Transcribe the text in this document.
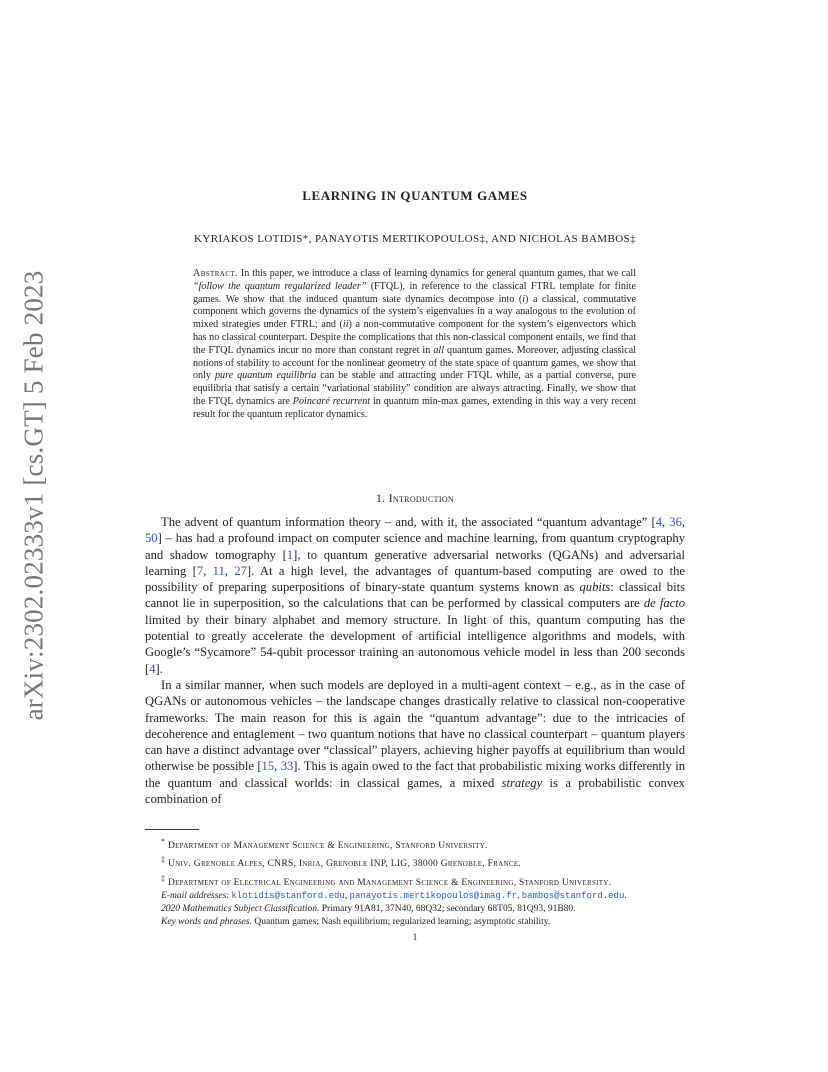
arXiv:2302.02333v1 [cs.GT] 5 Feb 2023
LEARNING IN QUANTUM GAMES
KYRIAKOS LOTIDIS*, PANAYOTIS MERTIKOPOULOS‡, AND NICHOLAS BAMBOS‡
Abstract. In this paper, we introduce a class of learning dynamics for general quantum games, that we call “follow the quantum regularized leader” (FTQL), in reference to the classical FTRL template for finite games. We show that the induced quantum state dynamics decompose into (i) a classical, commutative component which governs the dynamics of the system’s eigenvalues in a way analogous to the evolution of mixed strategies under FTRL; and (ii) a non-commutative component for the system’s eigenvectors which has no classical counterpart. Despite the complications that this non-classical component entails, we find that the FTQL dynamics incur no more than constant regret in all quantum games. Moreover, adjusting classical notions of stability to account for the nonlinear geometry of the state space of quantum games, we show that only pure quantum equilibria can be stable and attracting under FTQL while, as a partial converse, pure equilibria that satisfy a certain “variational stability” condition are always attracting. Finally, we show that the FTQL dynamics are Poincaré recurrent in quantum min-max games, extending in this way a very recent result for the quantum replicator dynamics.
1. Introduction

The advent of quantum information theory – and, with it, the associated “quantum advantage” [4, 36, 50] – has had a profound impact on computer science and machine learning, from quantum cryptography and shadow tomography [1], to quantum generative adversarial networks (QGANs) and adversarial learning [7, 11, 27]. At a high level, the advantages of quantum-based computing are owed to the possibility of preparing superpositions of binary-state quantum systems known as qubits: classical bits cannot lie in superposition, so the calculations that can be performed by classical computers are de facto limited by their binary alphabet and memory structure. In light of this, quantum computing has the potential to greatly accelerate the development of artificial intelligence algorithms and models, with Google’s “Sycamore” 54-qubit processor training an autonomous vehicle model in less than 200 seconds [4].

In a similar manner, when such models are deployed in a multi-agent context – e.g., as in the case of QGANs or autonomous vehicles – the landscape changes drastically relative to classical non-cooperative frameworks. The main reason for this is again the “quantum advantage”: due to the intricacies of decoherence and entaglement – two quantum notions that have no classical counterpart – quantum players can have a distinct advantage over “classical” players, achieving higher payoffs at equilibrium than would otherwise be possible [15, 33]. This is again owed to the fact that probabilistic mixing works differently in the quantum and classical worlds: in classical games, a mixed strategy is a probabilistic convex combination of

* Department of Management Science & Engineering, Stanford University.
‡ Univ. Grenoble Alpes, CNRS, Inria, Grenoble INP, LIG, 38000 Grenoble, France.
‡ Department of Electrical Engineering and Management Science & Engineering, Stanford University.
E-mail addresses: klotidis@stanford.edu, panayotis.mertikopoulos@imag.fr, bambos@stanford.edu.
2020 Mathematics Subject Classification. Primary 91A81, 37N40, 68Q32; secondary 68T05, 81Q93, 91B80.
Key words and phrases. Quantum games; Nash equilibrium; regularized learning; asymptotic stability.
1
